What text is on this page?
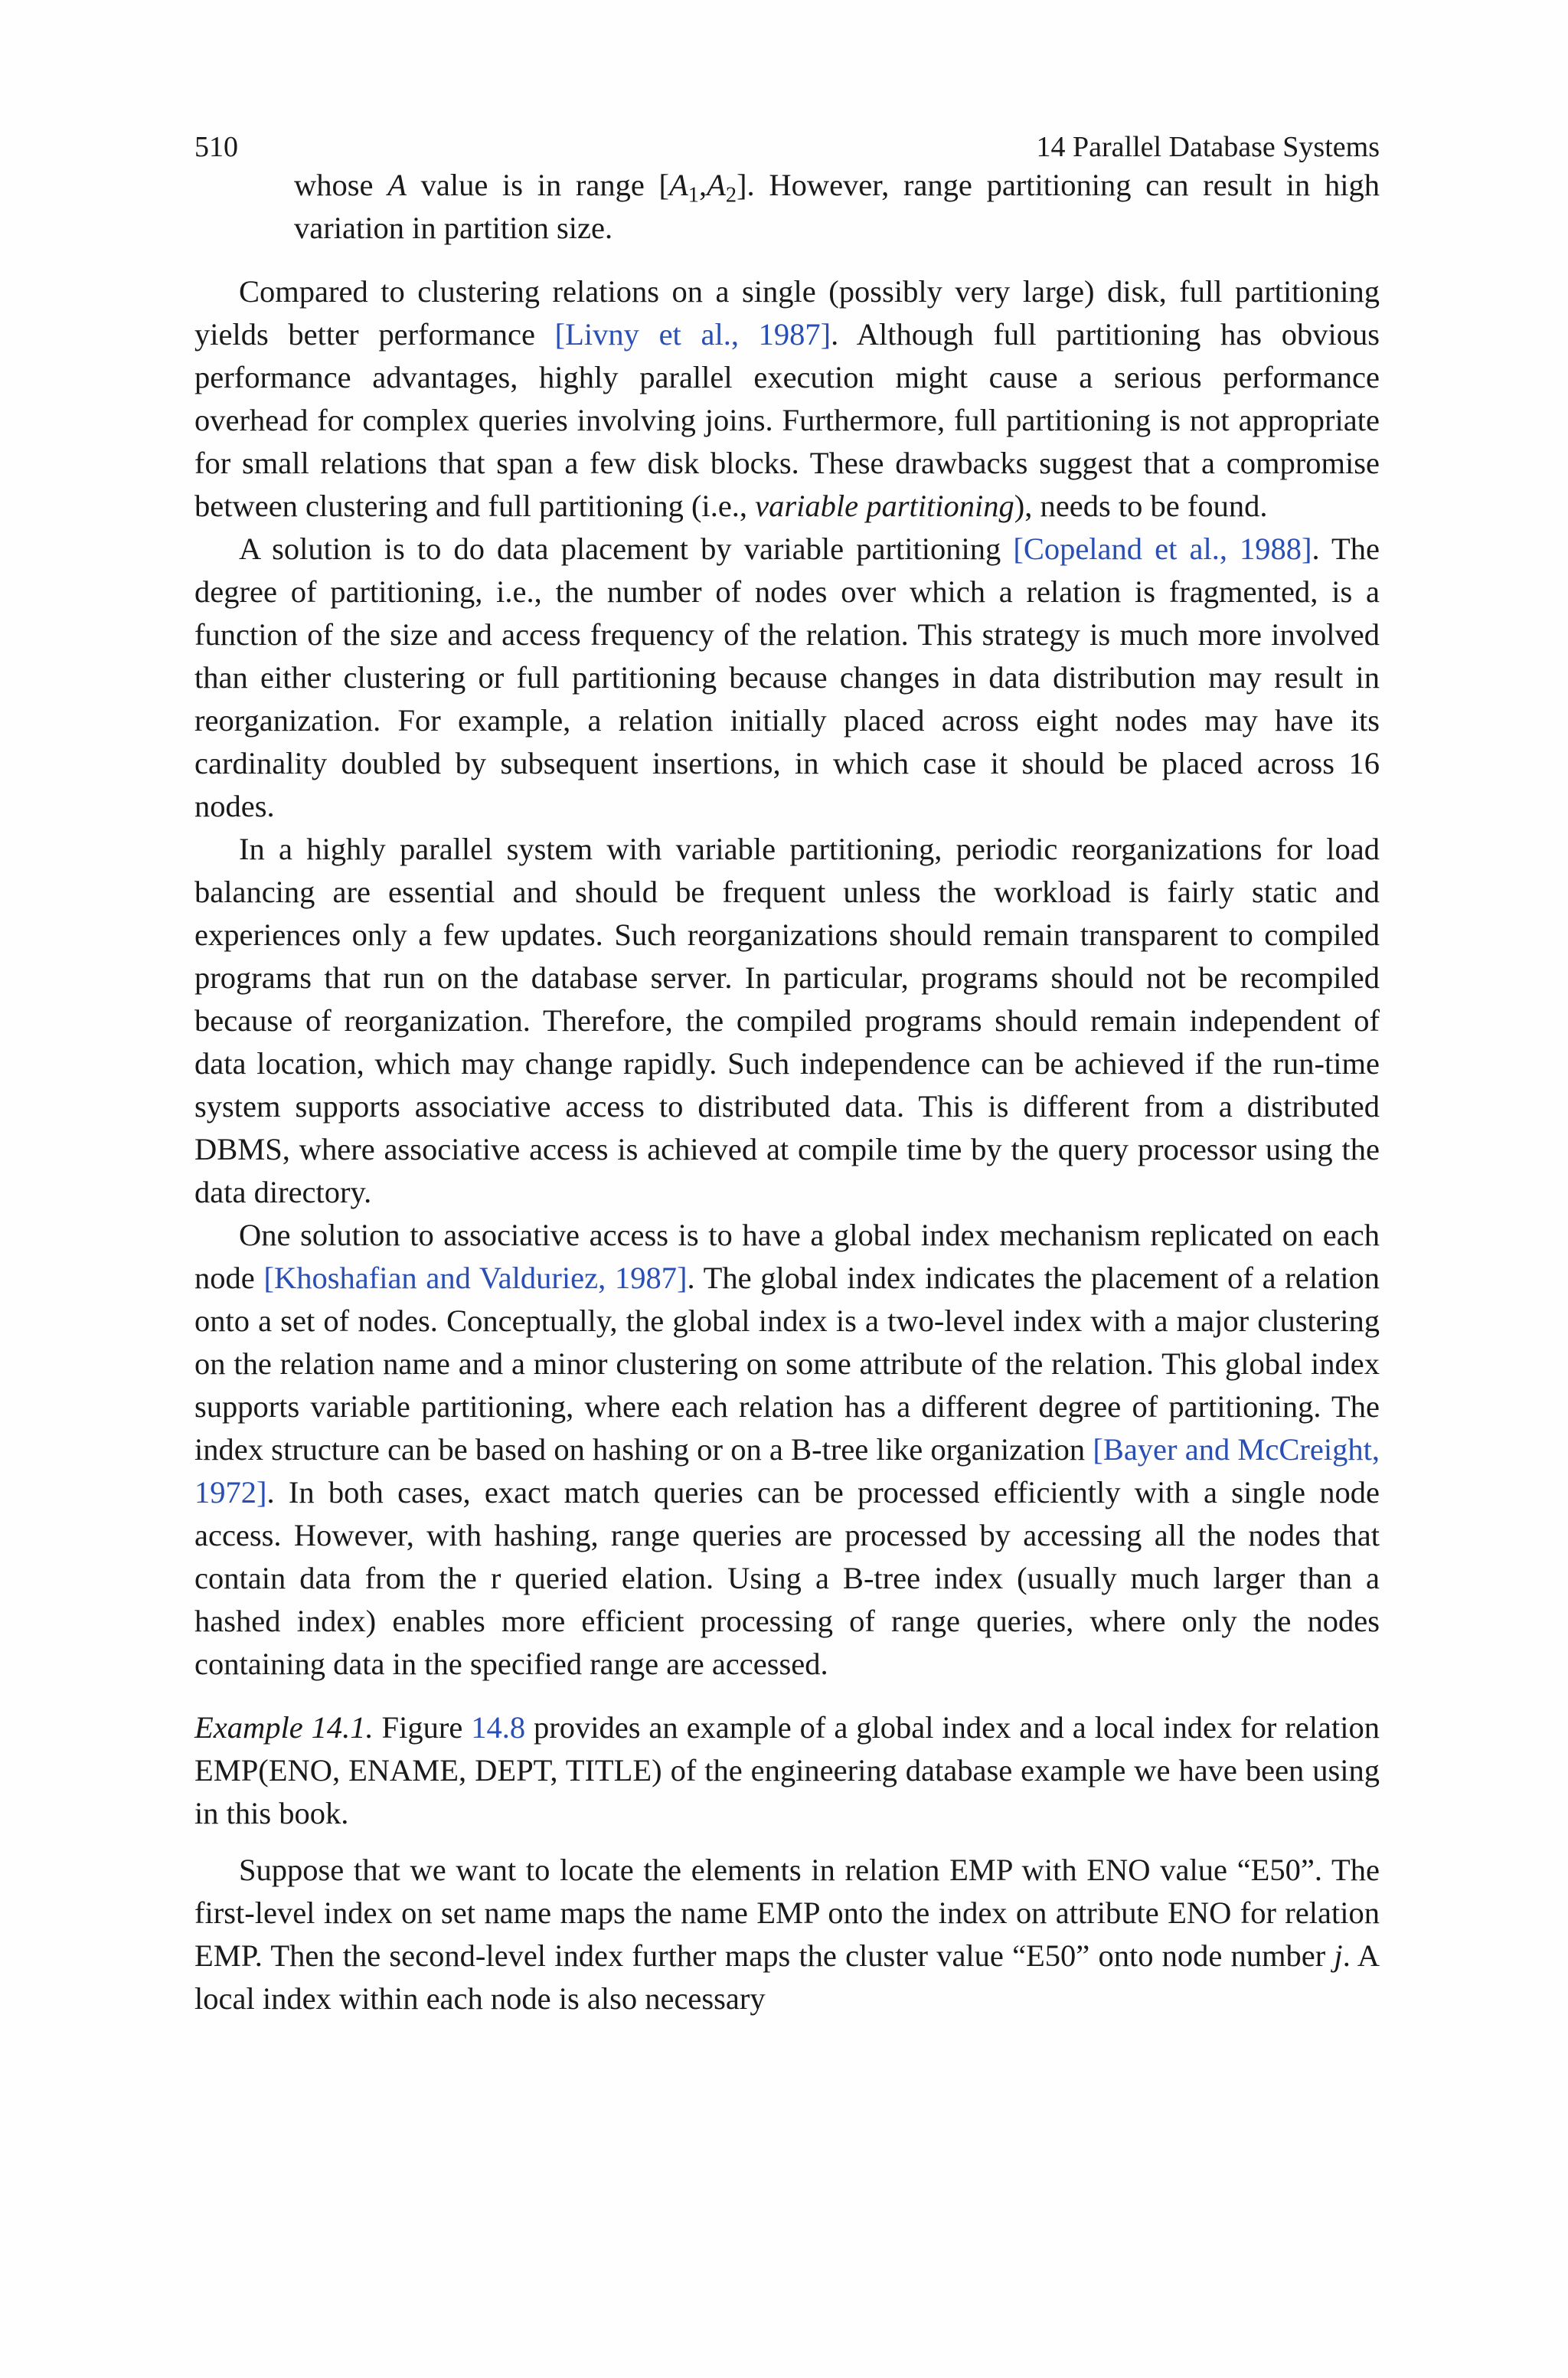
510	14 Parallel Database Systems

whose A value is in range $[A_1,A_2]$. However, range partitioning can result in high variation in partition size.

Compared to clustering relations on a single (possibly very large) disk, full partitioning yields better performance [Livny et al., 1987]. Although full partitioning has obvious performance advantages, highly parallel execution might cause a serious performance overhead for complex queries involving joins. Furthermore, full partitioning is not appropriate for small relations that span a few disk blocks. These drawbacks suggest that a compromise between clustering and full partitioning (i.e., variable partitioning), needs to be found.

A solution is to do data placement by variable partitioning [Copeland et al., 1988]. The degree of partitioning, i.e., the number of nodes over which a relation is fragmented, is a function of the size and access frequency of the relation. This strategy is much more involved than either clustering or full partitioning because changes in data distribution may result in reorganization. For example, a relation initially placed across eight nodes may have its cardinality doubled by subsequent insertions, in which case it should be placed across 16 nodes.

In a highly parallel system with variable partitioning, periodic reorganizations for load balancing are essential and should be frequent unless the workload is fairly static and experiences only a few updates. Such reorganizations should remain transparent to compiled programs that run on the database server. In particular, programs should not be recompiled because of reorganization. Therefore, the compiled programs should remain independent of data location, which may change rapidly. Such independence can be achieved if the run-time system supports associative access to distributed data. This is different from a distributed DBMS, where associative access is achieved at compile time by the query processor using the data directory.

One solution to associative access is to have a global index mechanism replicated on each node [Khoshafian and Valduriez, 1987]. The global index indicates the placement of a relation onto a set of nodes. Conceptually, the global index is a two-level index with a major clustering on the relation name and a minor clustering on some attribute of the relation. This global index supports variable partitioning, where each relation has a different degree of partitioning. The index structure can be based on hashing or on a B-tree like organization [Bayer and McCreight, 1972]. In both cases, exact match queries can be processed efficiently with a single node access. However, with hashing, range queries are processed by accessing all the nodes that contain data from the r queried elation. Using a B-tree index (usually much larger than a hashed index) enables more efficient processing of range queries, where only the nodes containing data in the specified range are accessed.

Example 14.1. Figure 14.8 provides an example of a global index and a local index for relation EMP(ENO, ENAME, DEPT, TITLE) of the engineering database example we have been using in this book.

Suppose that we want to locate the elements in relation EMP with ENO value “E50”. The first-level index on set name maps the name EMP onto the index on attribute ENO for relation EMP. Then the second-level index further maps the cluster value “E50” onto node number j. A local index within each node is also necessary
